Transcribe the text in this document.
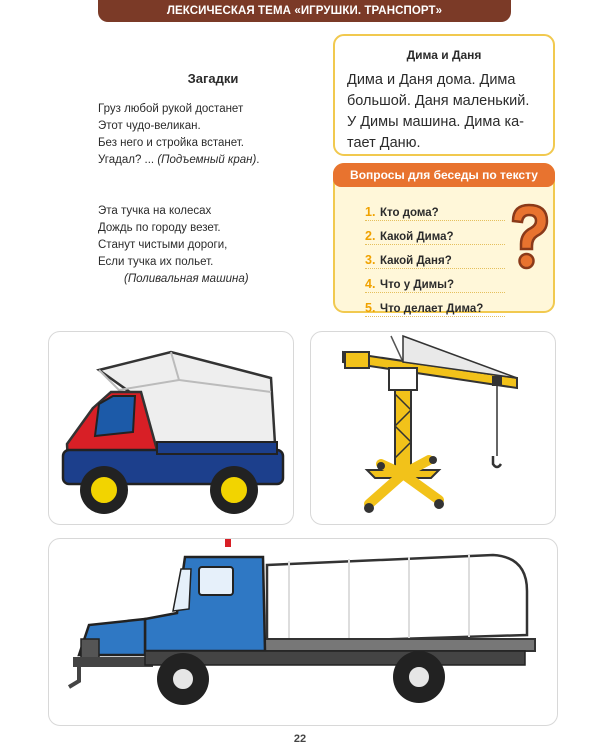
ЛЕКСИЧЕСКАЯ ТЕМА «ИГРУШКИ. ТРАНСПОРТ»
Загадки
Груз любой рукой достанет
Этот чудо-великан.
Без него и стройка встанет.
Угадал? ... (Подъемный кран).
Эта тучка на колесах
Дождь по городу везет.
Станут чистыми дороги,
Если тучка их польет.
(Поливальная машина)
Дима и Даня
Дима и Даня дома. Дима
большой. Даня маленький.
У Димы машина. Дима ка-
тает Даню.
Вопросы для беседы по тексту
1. Кто дома?
2. Какой Дима?
3. Какой Даня?
4. Что у Димы?
5. Что делает Дима?
22
